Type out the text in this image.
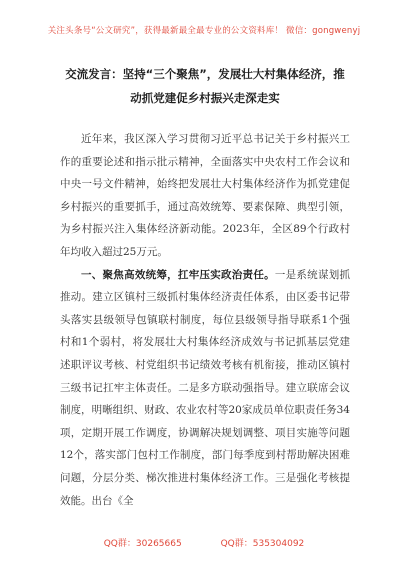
关注头条号“公文研究”，获得最新最全最专业的公文资料库！ 微信：gongwenyj
交流发言：坚持“三个聚焦”，发展壮大村集体经济，推动抓党建促乡村振兴走深走实

近年来，我区深入学习贯彻习近平总书记关于乡村振兴工作的重要论述和指示批示精神，全面落实中央农村工作会议和中央一号文件精神，始终把发展壮大村集体经济作为抓党建促乡村振兴的重要抓手，通过高效统筹、要素保障、典型引领，为乡村振兴注入集体经济新动能。2023年，全区89个行政村年均收入超过25万元。

一、聚焦高效统筹，扛牢压实政治责任。一是系统谋划抓推动。建立区镇村三级抓村集体经济责任体系，由区委书记带头落实县级领导包镇联村制度，每位县级领导指导联系1个强村和1个弱村，将发展壮大村集体经济成效与书记抓基层党建述职评议考核、村党组织书记绩效考核有机衔接，推动区镇村三级书记扛牢主体责任。二是多方联动强指导。建立联席会议制度，明晰组织、财政、农业农村等20家成员单位职责任务34项，定期开展工作调度，协调解决规划调整、项目实施等问题12个，落实部门包村工作制度，部门每季度到村帮助解决困难问题，分层分类、梯次推进村集体经济工作。三是强化考核提效能。出台《全

QQ群：30265665	QQ群：535304092
